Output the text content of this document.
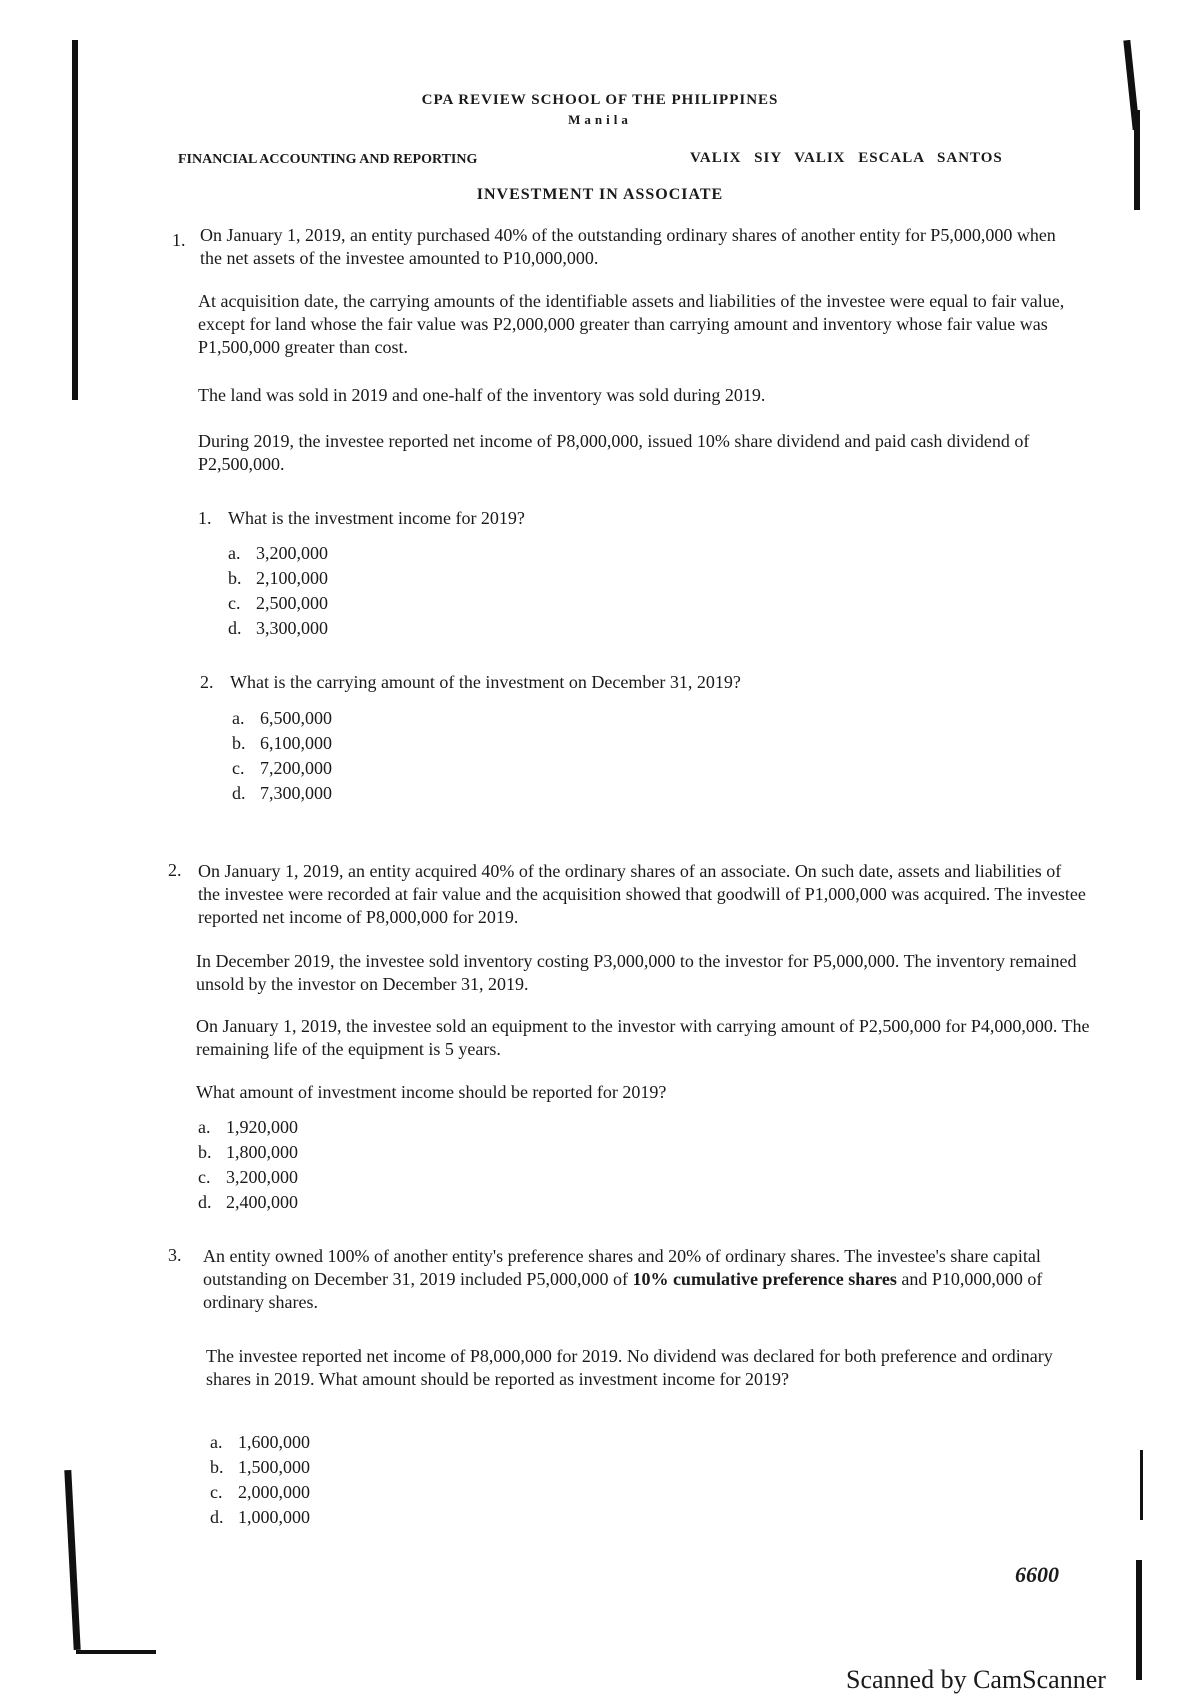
CPA REVIEW SCHOOL OF THE PHILIPPINES
Manila
FINANCIAL ACCOUNTING AND REPORTING	VALIX SIY VALIX ESCALA SANTOS
INVESTMENT IN ASSOCIATE
1. On January 1, 2019, an entity purchased 40% of the outstanding ordinary shares of another entity for P5,000,000 when the net assets of the investee amounted to P10,000,000.
At acquisition date, the carrying amounts of the identifiable assets and liabilities of the investee were equal to fair value, except for land whose the fair value was P2,000,000 greater than carrying amount and inventory whose fair value was P1,500,000 greater than cost.
The land was sold in 2019 and one-half of the inventory was sold during 2019.
During 2019, the investee reported net income of P8,000,000, issued 10% share dividend and paid cash dividend of P2,500,000.
1. What is the investment income for 2019?
a. 3,200,000
b. 2,100,000
c. 2,500,000
d. 3,300,000
2. What is the carrying amount of the investment on December 31, 2019?
a. 6,500,000
b. 6,100,000
c. 7,200,000
d. 7,300,000
2. On January 1, 2019, an entity acquired 40% of the ordinary shares of an associate. On such date, assets and liabilities of the investee were recorded at fair value and the acquisition showed that goodwill of P1,000,000 was acquired. The investee reported net income of P8,000,000 for 2019.
In December 2019, the investee sold inventory costing P3,000,000 to the investor for P5,000,000. The inventory remained unsold by the investor on December 31, 2019.
On January 1, 2019, the investee sold an equipment to the investor with carrying amount of P2,500,000 for P4,000,000. The remaining life of the equipment is 5 years.
What amount of investment income should be reported for 2019?
a. 1,920,000
b. 1,800,000
c. 3,200,000
d. 2,400,000
3. An entity owned 100% of another entity's preference shares and 20% of ordinary shares. The investee's share capital outstanding on December 31, 2019 included P5,000,000 of 10% cumulative preference shares and P10,000,000 of ordinary shares.
The investee reported net income of P8,000,000 for 2019. No dividend was declared for both preference and ordinary shares in 2019. What amount should be reported as investment income for 2019?
a. 1,600,000
b. 1,500,000
c. 2,000,000
d. 1,000,000
6600
Scanned by CamScanner
